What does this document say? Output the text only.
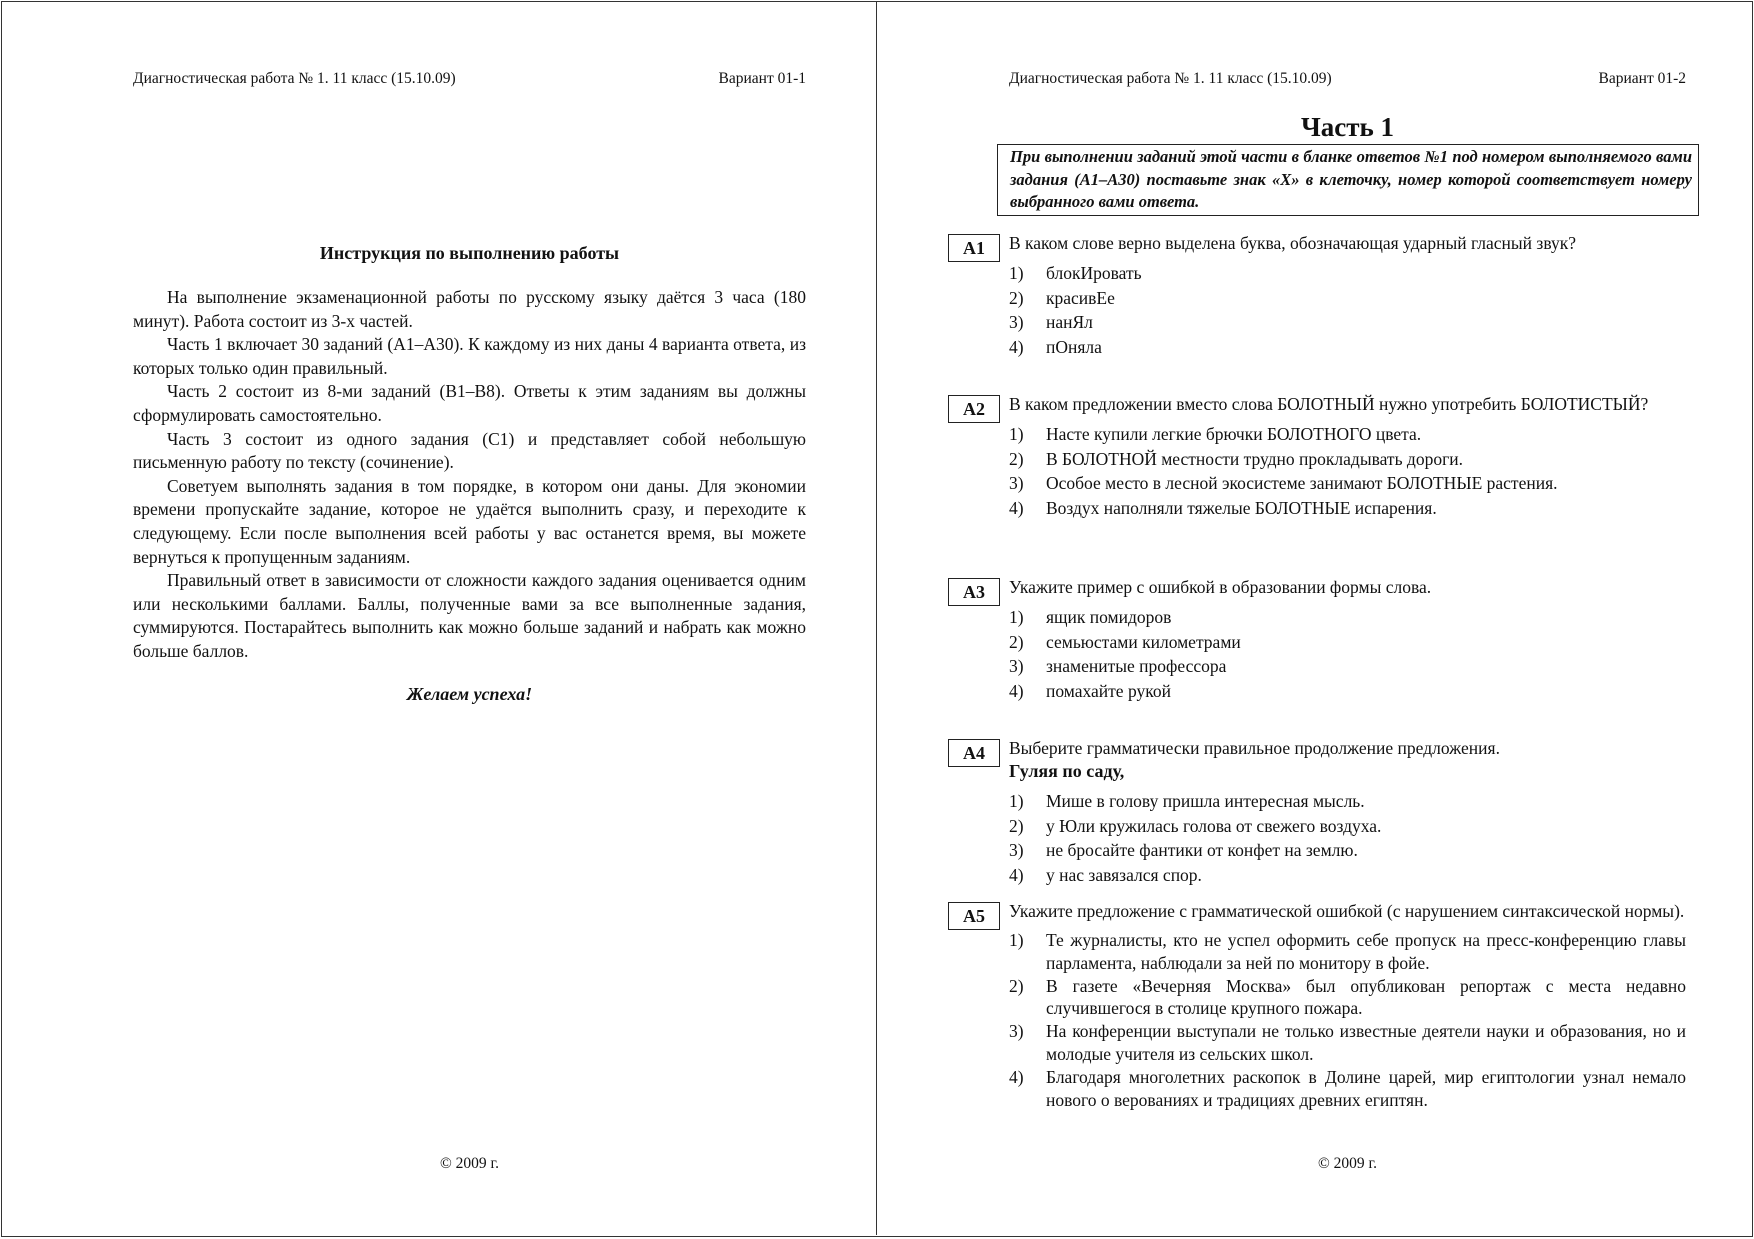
Диагностическая работа № 1. 11 класс (15.10.09)	Вариант 01-1
Инструкция по выполнению работы

На выполнение экзаменационной работы по русскому языку даётся 3 часа (180 минут). Работа состоит из 3-х частей.

Часть 1 включает 30 заданий (А1–А30). К каждому из них даны 4 варианта ответа, из которых только один правильный.

Часть 2 состоит из 8-ми заданий (В1–В8). Ответы к этим заданиям вы должны сформулировать самостоятельно.

Часть 3 состоит из одного задания (С1) и представляет собой небольшую письменную работу по тексту (сочинение).

Советуем выполнять задания в том порядке, в котором они даны. Для экономии времени пропускайте задание, которое не удаётся выполнить сразу, и переходите к следующему. Если после выполнения всей работы у вас останется время, вы можете вернуться к пропущенным заданиям.

Правильный ответ в зависимости от сложности каждого задания оценивается одним или несколькими баллами. Баллы, полученные вами за все выполненные задания, суммируются. Постарайтесь выполнить как можно больше заданий и набрать как можно больше баллов.

Желаем успеха!
© 2009 г.
Диагностическая работа № 1. 11 класс (15.10.09)	Вариант 01-2
Часть 1
При выполнении заданий этой части в бланке ответов №1 под номером выполняемого вами задания (А1–А30) поставьте знак «Х» в клеточку, номер которой соответствует номеру выбранного вами ответа.
А1	В каком слове верно выделена буква, обозначающая ударный гласный звук?
1) блокИровать
2) красивЕе
3) нанЯл
4) пОняла
А2	В каком предложении вместо слова БОЛОТНЫЙ нужно употребить БОЛОТИСТЫЙ?
1) Насте купили легкие брючки БОЛОТНОГО цвета.
2) В БОЛОТНОЙ местности трудно прокладывать дороги.
3) Особое место в лесной экосистеме занимают БОЛОТНЫЕ растения.
4) Воздух наполняли тяжелые БОЛОТНЫЕ испарения.
А3	Укажите пример с ошибкой в образовании формы слова.
1) ящик помидоров
2) семьюстами километрами
3) знаменитые профессора
4) помахайте рукой
А4	Выберите грамматически правильное продолжение предложения.
Гуляя по саду,
1) Мише в голову пришла интересная мысль.
2) у Юли кружилась голова от свежего воздуха.
3) не бросайте фантики от конфет на землю.
4) у нас завязался спор.
А5	Укажите предложение с грамматической ошибкой (с нарушением синтаксической нормы).
1) Те журналисты, кто не успел оформить себе пропуск на пресс-конференцию главы парламента, наблюдали за ней по монитору в фойе.
2) В газете «Вечерняя Москва» был опубликован репортаж с места недавно случившегося в столице крупного пожара.
3) На конференции выступали не только известные деятели науки и образования, но и молодые учителя из сельских школ.
4) Благодаря многолетних раскопок в Долине царей, мир египтологии узнал немало нового о верованиях и традициях древних египтян.
© 2009 г.
